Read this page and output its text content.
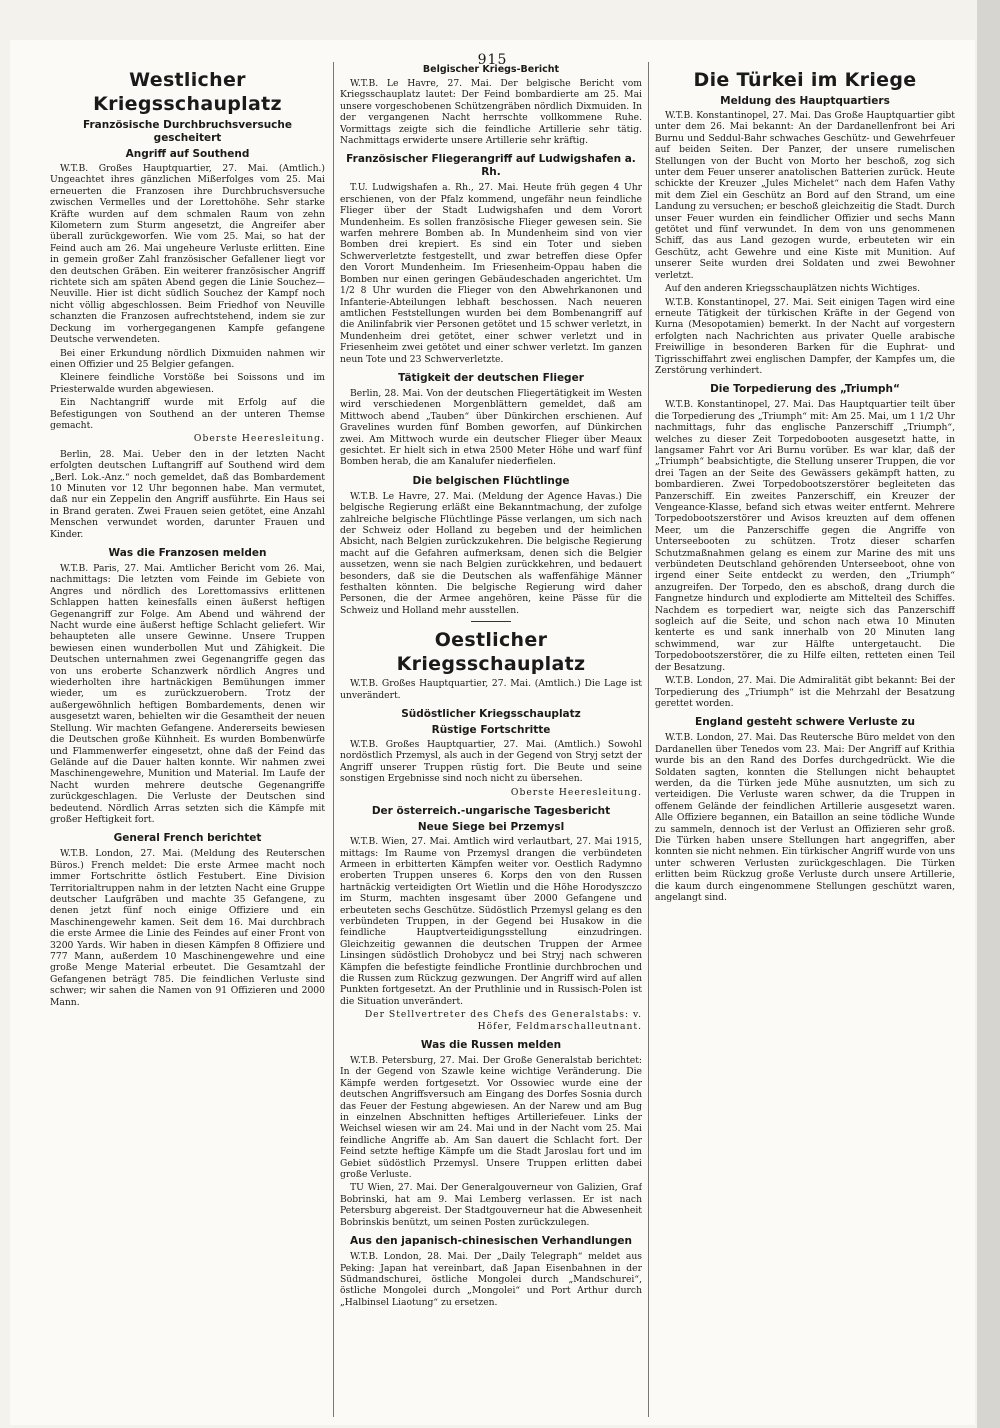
915
Westlicher Kriegsschauplatz
Französische Durchbruchsversuche gescheitert
Angriff auf Southend

W.T.B. Großes Hauptquartier, 27. Mai. (Amtlich.) Ungeachtet ihres gänzlichen Mißerfolges vom 25. Mai erneuerten die Franzosen ihre Durchbruchsversuche zwischen Vermelles und der Lorettohöhe. Sehr starke Kräfte wurden auf dem schmalen Raum von zehn Kilometern zum Sturm angesetzt, die Angreifer aber überall zurückgeworfen. Wie vom 25. Mai, so hat der Feind auch am 26. Mai ungeheure Verluste erlitten. Eine in gemein großer Zahl französischer Gefallener liegt vor den deutschen Gräben. Ein weiterer französischer Angriff richtete sich am späten Abend gegen die Linie Souchez—Neuville. Hier ist dicht südlich Souchez der Kampf noch nicht völlig abgeschlossen. Beim Friedhof von Neuville schanzten die Franzosen aufrechtstehend, indem sie zur Deckung im vorhergegangenen Kampfe gefangene Deutsche verwendeten.

Bei einer Erkundung nördlich Dixmuiden nahmen wir einen Offizier und 25 Belgier gefangen.

Kleinere feindliche Vorstöße bei Soissons und im Priesterwalde wurden abgewiesen.

Ein Nachtangriff wurde mit Erfolg auf die Befestigungen von Southend an der unteren Themse gemacht.

Oberste Heeresleitung.

Berlin, 28. Mai. Ueber den in der letzten Nacht erfolgten deutschen Luftangriff auf Southend wird dem „Berl. Lok.-Anz.“ noch gemeldet, daß das Bombardement 10 Minuten vor 12 Uhr begonnen habe. Man vermutet, daß nur ein Zeppelin den Angriff ausführte. Ein Haus sei in Brand geraten. Zwei Frauen seien getötet, eine Anzahl Menschen verwundet worden, darunter Frauen und Kinder.

Was die Franzosen melden

W.T.B. Paris, 27. Mai. Amtlicher Bericht vom 26. Mai, nachmittags: Die letzten vom Feinde im Gebiete von Angres und nördlich des Lorettomassivs erlittenen Schlappen hatten keinesfalls einen äußerst heftigen Gegenangriff zur Folge. Am Abend und während der Nacht wurde eine äußerst heftige Schlacht geliefert. Wir behaupteten alle unsere Gewinne. Unsere Truppen bewiesen einen wunderbollen Mut und Zähigkeit. Die Deutschen unternahmen zwei Gegenangriffe gegen das von uns eroberte Schanzwerk nördlich Angres und wiederholten ihre hartnäckigen Bemühungen immer wieder, um es zurückzuerobern. Trotz der außergewöhnlich heftigen Bombardements, denen wir ausgesetzt waren, behielten wir die Gesamtheit der neuen Stellung. Wir machten Gefangene. Andererseits bewiesen die Deutschen große Kühnheit. Es wurden Bombenwürfe und Flammenwerfer eingesetzt, ohne daß der Feind das Gelände auf die Dauer halten konnte. Wir nahmen zwei Maschinengewehre, Munition und Material. Im Laufe der Nacht wurden mehrere deutsche Gegenangriffe zurückgeschlagen. Die Verluste der Deutschen sind bedeutend. Nördlich Arras setzten sich die Kämpfe mit großer Heftigkeit fort.

General French berichtet

W.T.B. London, 27. Mai. (Meldung des Reuterschen Büros.) French meldet: Die erste Armee macht noch immer Fortschritte östlich Festubert. Eine Division Territorialtruppen nahm in der letzten Nacht eine Gruppe deutscher Laufgräben und machte 35 Gefangene, zu denen jetzt fünf noch einige Offiziere und ein Maschinengewehr kamen. Seit dem 16. Mai durchbrach die erste Armee die Linie des Feindes auf einer Front von 3200 Yards. Wir haben in diesen Kämpfen 8 Offiziere und 777 Mann, außerdem 10 Maschinengewehre und eine große Menge Material erbeutet. Die Gesamtzahl der Gefangenen beträgt 785. Die feindlichen Verluste sind schwer; wir sahen die Namen von 91 Offizieren und 2000 Mann.

Belgischer Kriegs-Bericht

W.T.B. Le Havre, 27. Mai. Der belgische Bericht vom Kriegsschauplatz lautet: Der Feind bombardierte am 25. Mai unsere vorgeschobenen Schützengräben nördlich Dixmuiden. In der vergangenen Nacht herrschte vollkommene Ruhe. Vormittags zeigte sich die feindliche Artillerie sehr tätig. Nachmittags erwiderte unsere Artillerie sehr kräftig.

Französischer Fliegerangriff auf Ludwigshafen a. Rh.

T.U. Ludwigshafen a. Rh., 27. Mai. Heute früh gegen 4 Uhr erschienen, von der Pfalz kommend, ungefähr neun feindliche Flieger über der Stadt Ludwigshafen und dem Vorort Mundenheim. Es sollen französische Flieger gewesen sein. Sie warfen mehrere Bomben ab. In Mundenheim sind von vier Bomben drei krepiert. Es sind ein Toter und sieben Schwerverletzte festgestellt, und zwar betreffen diese Opfer den Vorort Mundenheim. Im Friesenheim-Oppau haben die Bomben nur einen geringen Gebäudeschaden angerichtet. Um 1/2 8 Uhr wurden die Flieger von den Abwehrkanonen und Infanterie-Abteilungen lebhaft beschossen. Nach neueren amtlichen Feststellungen wurden bei dem Bombenangriff auf die Anilinfabrik vier Personen getötet und 15 schwer verletzt, in Mundenheim drei getötet, einer schwer verletzt und in Friesenheim zwei getötet und einer schwer verletzt. Im ganzen neun Tote und 23 Schwerverletzte.

Tätigkeit der deutschen Flieger

Berlin, 28. Mai. Von der deutschen Fliegertätigkeit im Westen wird verschiedenen Morgenblättern gemeldet, daß am Mittwoch abend „Tauben“ über Dünkirchen erschienen. Auf Gravelines wurden fünf Bomben geworfen, auf Dünkirchen zwei. Am Mittwoch wurde ein deutscher Flieger über Meaux gesichtet. Er hielt sich in etwa 2500 Meter Höhe und warf fünf Bomben herab, die am Kanalufer niederfielen.

Die belgischen Flüchtlinge

W.T.B. Le Havre, 27. Mai. (Meldung der Agence Havas.) Die belgische Regierung erläßt eine Bekanntmachung, der zufolge zahlreiche belgische Flüchtlinge Pässe verlangen, um sich nach der Schweiz oder Holland zu begeben und der heimlichen Absicht, nach Belgien zurückzukehren. Die belgische Regierung macht auf die Gefahren aufmerksam, denen sich die Belgier aussetzen, wenn sie nach Belgien zurückkehren, und bedauert besonders, daß sie die Deutschen als waffenfähige Männer festhalten könnten. Die belgische Regierung wird daher Personen, die der Armee angehören, keine Pässe für die Schweiz und Holland mehr ausstellen.

Oestlicher Kriegsschauplatz

W.T.B. Großes Hauptquartier, 27. Mai. (Amtlich.) Die Lage ist unverändert.

Südöstlicher Kriegsschauplatz
Rüstige Fortschritte

W.T.B. Großes Hauptquartier, 27. Mai. (Amtlich.) Sowohl nordöstlich Przemysl, als auch in der Gegend von Stryj setzt der Angriff unserer Truppen rüstig fort. Die Beute und seine sonstigen Ergebnisse sind noch nicht zu übersehen.

Oberste Heeresleitung.
Der österreich.-ungarische Tagesbericht
Neue Siege bei Przemysl

W.T.B. Wien, 27. Mai. Amtlich wird verlautbart, 27. Mai 1915, mittags: Im Raume von Przemysl drangen die verbündeten Armeen in erbitterten Kämpfen weiter vor. Oestlich Radymno eroberten Truppen unseres 6. Korps den von den Russen hartnäckig verteidigten Ort Wietlin und die Höhe Horodyszczo im Sturm, machten insgesamt über 2000 Gefangene und erbeuteten sechs Geschütze. Südöstlich Przemysl gelang es den verbündeten Truppen, in der Gegend bei Husakow in die feindliche Hauptverteidigungsstellung einzudringen. Gleichzeitig gewannen die deutschen Truppen der Armee Linsingen südöstlich Drohobycz und bei Stryj nach schweren Kämpfen die befestigte feindliche Frontlinie durchbrochen und die Russen zum Rückzug gezwungen. Der Angriff wird auf allen Punkten fortgesetzt. An der Pruthlinie und in Russisch-Polen ist die Situation unverändert.

Der Stellvertreter des Chefs des Generalstabs: v. Höfer, Feldmarschalleutnant.
Was die Russen melden

W.T.B. Petersburg, 27. Mai. Der Große Generalstab berichtet: In der Gegend von Szawle keine wichtige Veränderung. Die Kämpfe werden fortgesetzt. Vor Ossowiec wurde eine der deutschen Angriffsversuch am Eingang des Dorfes Sosnia durch das Feuer der Festung abgewiesen. An der Narew und am Bug in einzelnen Abschnitten heftiges Artilleriefeuer. Links der Weichsel wiesen wir am 24. Mai und in der Nacht vom 25. Mai feindliche Angriffe ab. Am San dauert die Schlacht fort. Der Feind setzte heftige Kämpfe um die Stadt Jaroslau fort und im Gebiet südöstlich Przemysl. Unsere Truppen erlitten dabei große Verluste.

TU Wien, 27. Mai. Der Generalgouverneur von Galizien, Graf Bobrinski, hat am 9. Mai Lemberg verlassen. Er ist nach Petersburg abgereist. Der Stadtgouverneur hat die Abwesenheit Bobrinskis benützt, um seinen Posten zurückzulegen.

Aus den japanisch-chinesischen Verhandlungen

W.T.B. London, 28. Mai. Der „Daily Telegraph“ meldet aus Peking: Japan hat vereinbart, daß Japan Eisenbahnen in der Südmandschurei, östliche Mongolei durch „Mandschurei“, östliche Mongolei durch „Mongolei“ und Port Arthur durch „Halbinsel Liaotung“ zu ersetzen.

Die Türkei im Kriege
Meldung des Hauptquartiers

W.T.B. Konstantinopel, 27. Mai. Das Große Hauptquartier gibt unter dem 26. Mai bekannt: An der Dardanellenfront bei Ari Burnu und Seddul-Bahr schwaches Geschütz- und Gewehrfeuer auf beiden Seiten. Der Panzer, der unsere rumelischen Stellungen von der Bucht von Morto her beschoß, zog sich unter dem Feuer unserer anatolischen Batterien zurück. Heute schickte der Kreuzer „Jules Michelet“ nach dem Hafen Vathy mit dem Ziel ein Geschütz an Bord auf den Strand, um eine Landung zu versuchen; er beschoß gleichzeitig die Stadt. Durch unser Feuer wurden ein feindlicher Offizier und sechs Mann getötet und fünf verwundet. In dem von uns genommenen Schiff, das aus Land gezogen wurde, erbeuteten wir ein Geschütz, acht Gewehre und eine Kiste mit Munition. Auf unserer Seite wurden drei Soldaten und zwei Bewohner verletzt.

Auf den anderen Kriegsschauplätzen nichts Wichtiges.

W.T.B. Konstantinopel, 27. Mai. Seit einigen Tagen wird eine erneute Tätigkeit der türkischen Kräfte in der Gegend von Kurna (Mesopotamien) bemerkt. In der Nacht auf vorgestern erfolgten nach Nachrichten aus privater Quelle arabische Freiwillige in besonderen Barken für die Euphrat- und Tigrisschiffahrt zwei englischen Dampfer, der Kampfes um, die Zerstörung verhindert.

Die Torpedierung des „Triumph“

W.T.B. Konstantinopel, 27. Mai. Das Hauptquartier teilt über die Torpedierung des „Triumph“ mit: Am 25. Mai, um 1 1/2 Uhr nachmittags, fuhr das englische Panzerschiff „Triumph“, welches zu dieser Zeit Torpedobooten ausgesetzt hatte, in langsamer Fahrt vor Ari Burnu vorüber. Es war klar, daß der „Triumph“ beabsichtigte, die Stellung unserer Truppen, die vor drei Tagen an der Seite des Gewässers gekämpft hatten, zu bombardieren. Zwei Torpedobootszerstörer begleiteten das Panzerschiff. Ein zweites Panzerschiff, ein Kreuzer der Vengeance-Klasse, befand sich etwas weiter entfernt. Mehrere Torpedobootszerstörer und Avisos kreuzten auf dem offenen Meer, um die Panzerschiffe gegen die Angriffe von Unterseebooten zu schützen. Trotz dieser scharfen Schutzmaßnahmen gelang es einem zur Marine des mit uns verbündeten Deutschland gehörenden Unterseeboot, ohne von irgend einer Seite entdeckt zu werden, den „Triumph“ anzugreifen. Der Torpedo, den es abschoß, drang durch die Fangnetze hindurch und explodierte am Mittelteil des Schiffes. Nachdem es torpediert war, neigte sich das Panzerschiff sogleich auf die Seite, und schon nach etwa 10 Minuten kenterte es und sank innerhalb von 20 Minuten lang schwimmend, war zur Hälfte untergetaucht. Die Torpedobootszerstörer, die zu Hilfe eilten, retteten einen Teil der Besatzung.

W.T.B. London, 27. Mai. Die Admiralität gibt bekannt: Bei der Torpedierung des „Triumph“ ist die Mehrzahl der Besatzung gerettet worden.

England gesteht schwere Verluste zu

W.T.B. London, 27. Mai. Das Reutersche Büro meldet von den Dardanellen über Tenedos vom 23. Mai: Der Angriff auf Krithia wurde bis an den Rand des Dorfes durchgedrückt. Wie die Soldaten sagten, konnten die Stellungen nicht behauptet werden, da die Türken jede Mühe ausnutzten, um sich zu verteidigen. Die Verluste waren schwer, da die Truppen in offenem Gelände der feindlichen Artillerie ausgesetzt waren. Alle Offiziere begannen, ein Bataillon an seine tödliche Wunde zu sammeln, dennoch ist der Verlust an Offizieren sehr groß. Die Türken haben unsere Stellungen hart angegriffen, aber konnten sie nicht nehmen. Ein türkischer Angriff wurde von uns unter schweren Verlusten zurückgeschlagen. Die Türken erlitten beim Rückzug große Verluste durch unsere Artillerie, die kaum durch eingenommene Stellungen geschützt waren, angelangt sind.
